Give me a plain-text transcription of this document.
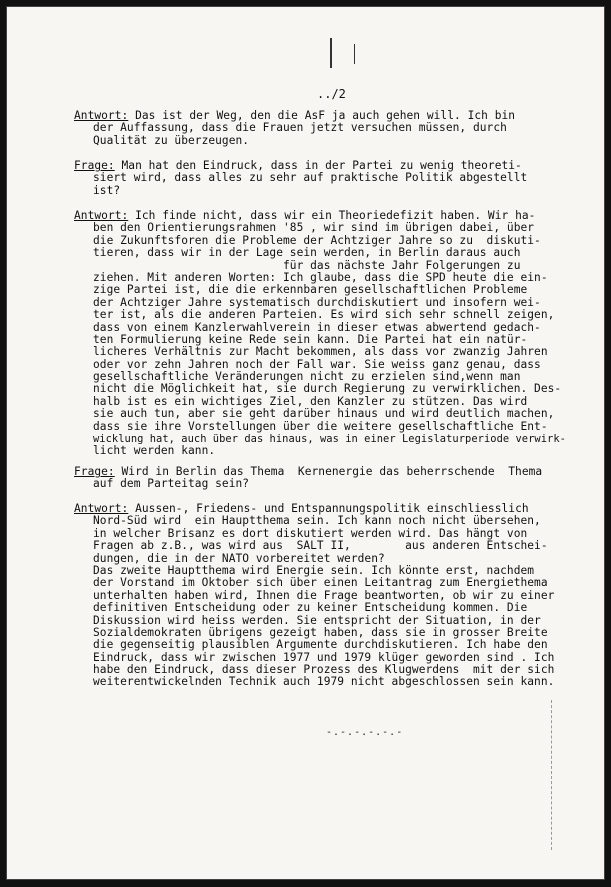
../2
Antwort: Das ist der Weg, den die AsF ja auch gehen will. Ich bin
der Auffassung, dass die Frauen jetzt versuchen müssen, durch
Qualität zu überzeugen.
Frage: Man hat den Eindruck, dass in der Partei zu wenig theoreti-
siert wird, dass alles zu sehr auf praktische Politik abgestellt
ist?
Antwort: Ich finde nicht, dass wir ein Theoriedefizit haben. Wir ha-
ben den Orientierungsrahmen '85 , wir sind im übrigen dabei, über
die Zukunftsforen die Probleme der Achtziger Jahre so zu  diskuti-
tieren, dass wir in der Lage sein werden, in Berlin daraus auch
für das nächste Jahr Folgerungen zu
ziehen. Mit anderen Worten: Ich glaube, dass die SPD heute die ein-
zige Partei ist, die die erkennbaren gesellschaftlichen Probleme
der Achtziger Jahre systematisch durchdiskutiert und insofern wei-
ter ist, als die anderen Parteien. Es wird sich sehr schnell zeigen,
dass von einem Kanzlerwahlverein in dieser etwas abwertend gedach-
ten Formulierung keine Rede sein kann. Die Partei hat ein natür-
licheres Verhältnis zur Macht bekommen, als dass vor zwanzig Jahren
oder vor zehn Jahren noch der Fall war. Sie weiss ganz genau, dass
gesellschaftliche Veränderungen nicht zu erzielen sind,wenn man
nicht die Möglichkeit hat, sie durch Regierung zu verwirklichen. Des-
halb ist es ein wichtiges Ziel, den Kanzler zu stützen. Das wird
sie auch tun, aber sie geht darüber hinaus und wird deutlich machen,
dass sie ihre Vorstellungen über die weitere gesellschaftliche Ent-
wicklung hat, auch über das hinaus, was in einer Legislaturperiode verwirk-
licht werden kann.
Frage: Wird in Berlin das Thema  Kernenergie das beherrschende  Thema
auf dem Parteitag sein?
Antwort: Aussen-, Friedens- und Entspannungspolitik einschliesslich
Nord-Süd wird  ein Hauptthema sein. Ich kann noch nicht übersehen,
in welcher Brisanz es dort diskutiert werden wird. Das hängt von
Fragen ab z.B., was wird aus  SALT II,        aus anderen Entschei-
dungen, die in der NATO vorbereitet werden?
Das zweite Hauptthema wird Energie sein. Ich könnte erst, nachdem
der Vorstand im Oktober sich über einen Leitantrag zum Energiethema
unterhalten haben wird, Ihnen die Frage beantworten, ob wir zu einer
definitiven Entscheidung oder zu keiner Entscheidung kommen. Die
Diskussion wird heiss werden. Sie entspricht der Situation, in der
Sozialdemokraten übrigens gezeigt haben, dass sie in grosser Breite
die gegenseitig plausiblen Argumente durchdiskutieren. Ich habe den
Eindruck, dass wir zwischen 1977 und 1979 klüger geworden sind . Ich
habe den Eindruck, dass dieser Prozess des Klugwerdens  mit der sich
weiterentwickelnden Technik auch 1979 nicht abgeschlossen sein kann.
-.-.-.-.-.-
